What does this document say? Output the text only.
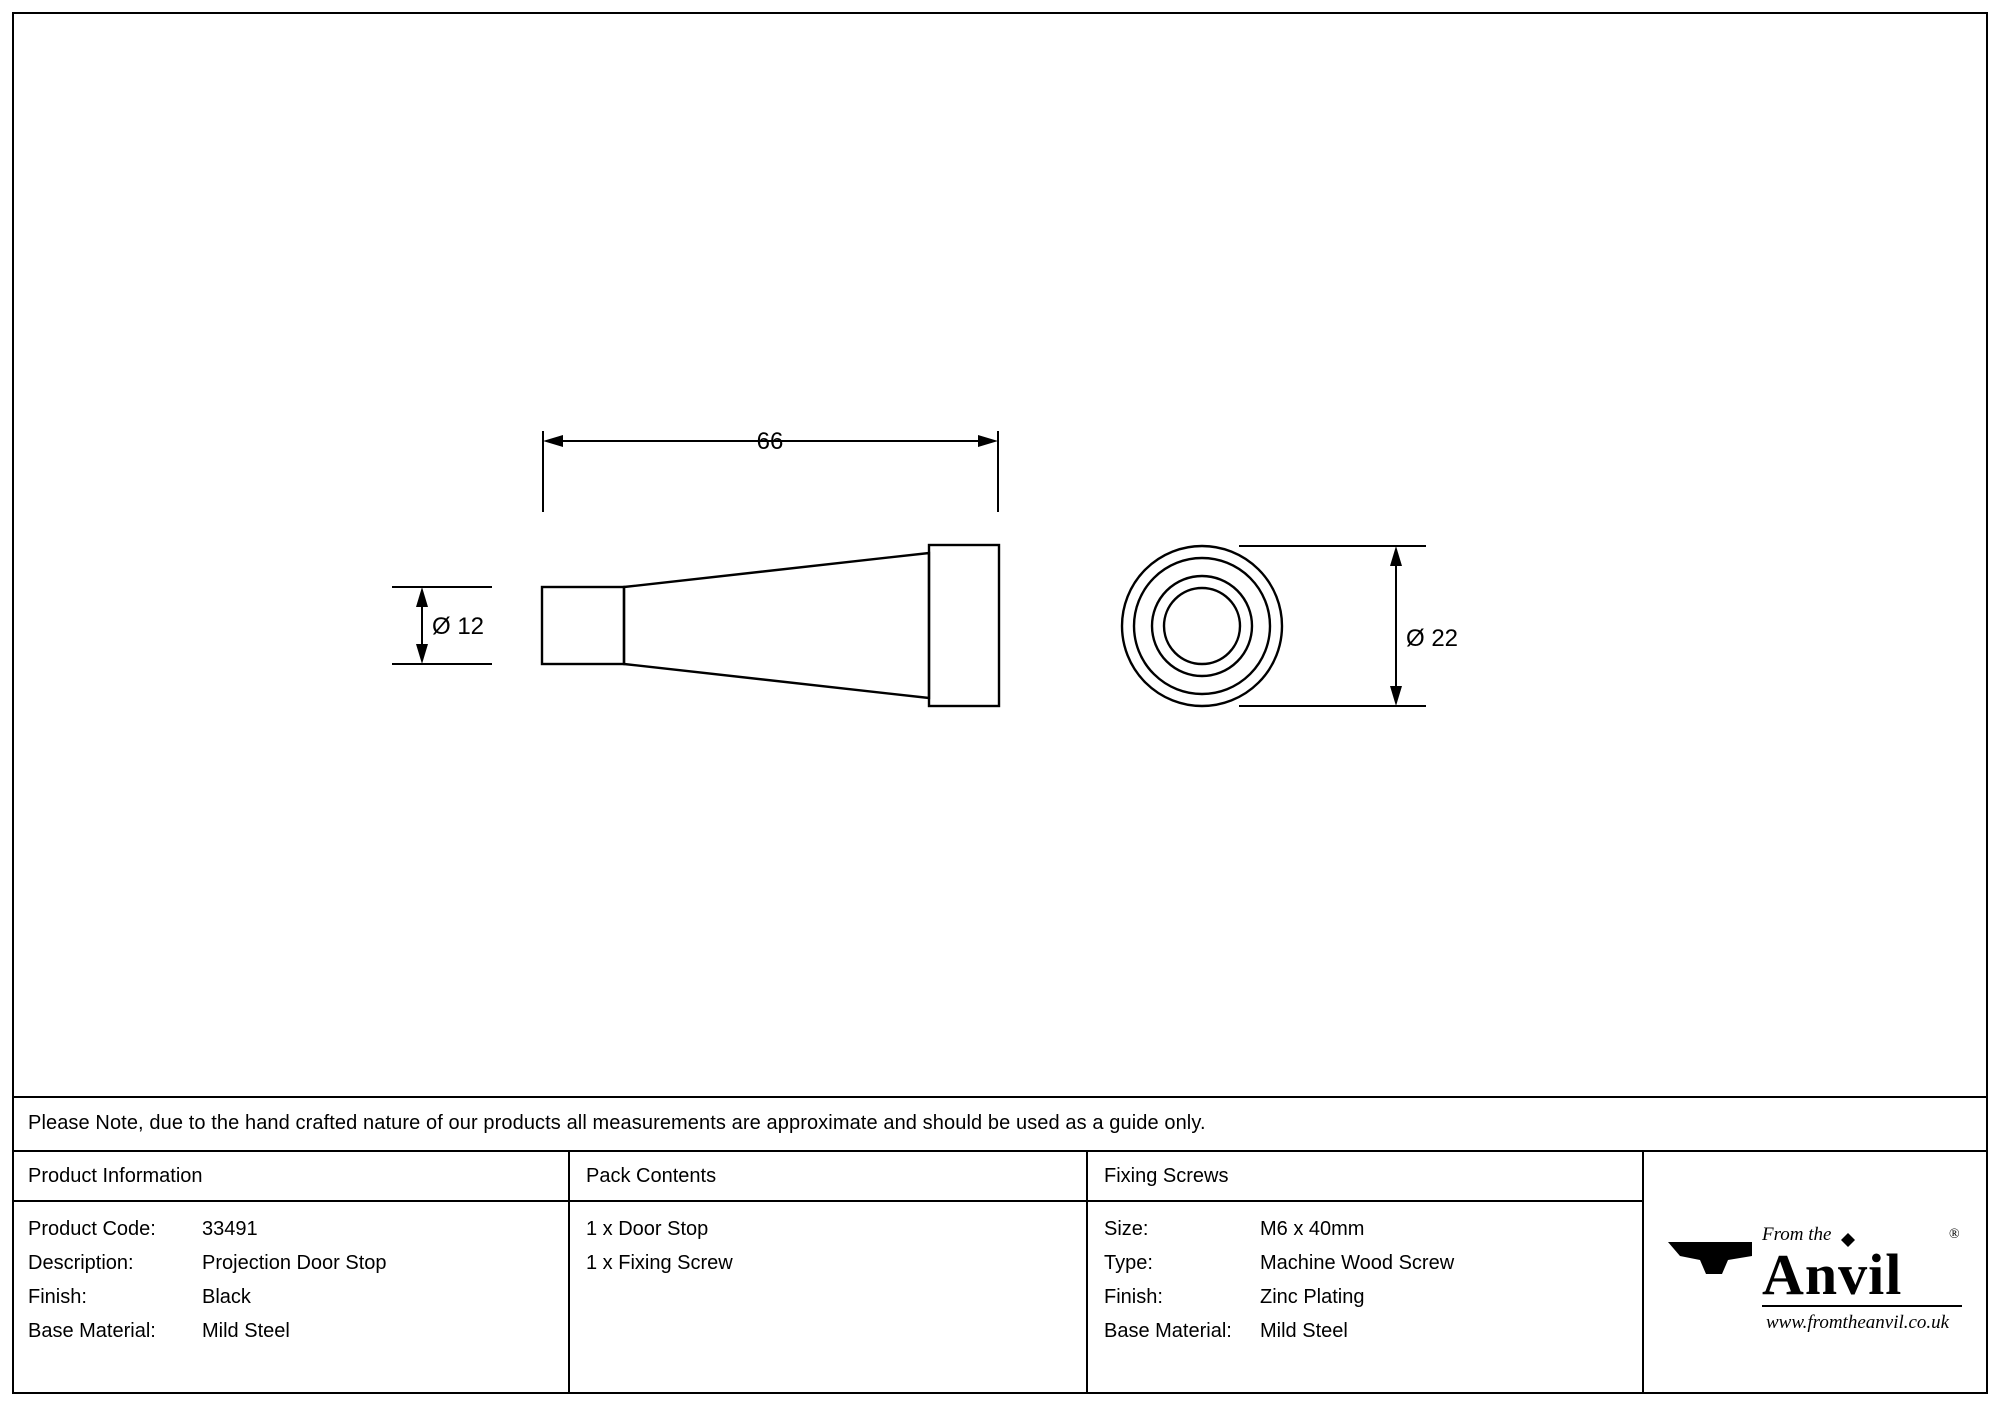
66
Ø 12	Ø 22
Please Note, due to the hand crafted nature of our products all measurements are approximate and should be used as a guide only.
Product Information
Product Code: 33491
Description:	Projection Door Stop
Finish:	Black
Base Material: Mild Steel
Pack Contents
1 x Door Stop
1 x Fixing Screw
Fixing Screws
Size:	M6 x 40mm
Type:	Machine Wood Screw
Finish:	Zinc Plating
Base Material: Mild Steel
From the
Anvil
®
www.fromtheanvil.co.uk
